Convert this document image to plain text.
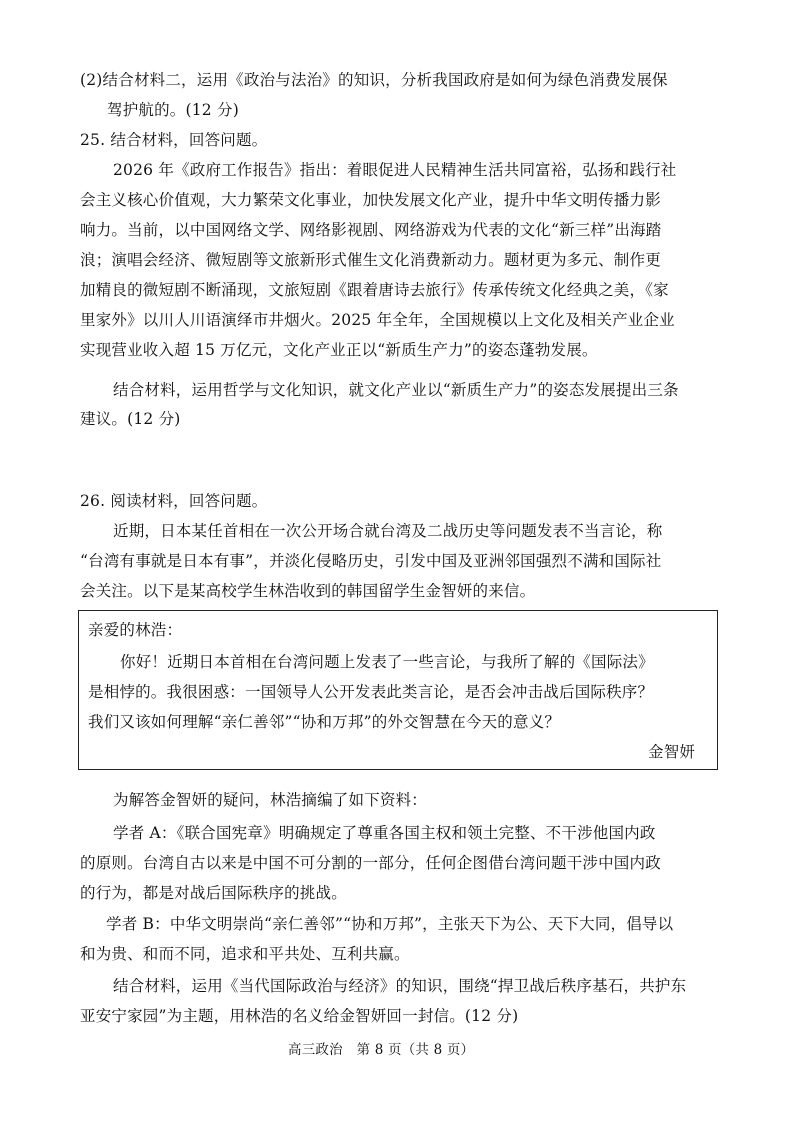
(2)结合材料二，运用《政治与法治》的知识，分析我国政府是如何为绿色消费发展保
驾护航的。(12 分)
25. 结合材料，回答问题。
2026 年《政府工作报告》指出：着眼促进人民精神生活共同富裕，弘扬和践行社
会主义核心价值观，大力繁荣文化事业，加快发展文化产业，提升中华文明传播力影
响力。当前，以中国网络文学、网络影视剧、网络游戏为代表的文化“新三样”出海踏
浪；演唱会经济、微短剧等文旅新形式催生文化消费新动力。题材更为多元、制作更
加精良的微短剧不断涌现，文旅短剧《跟着唐诗去旅行》传承传统文化经典之美，《家
里家外》以川人川语演绎市井烟火。2025 年全年，全国规模以上文化及相关产业企业
实现营业收入超 15 万亿元，文化产业正以“新质生产力”的姿态蓬勃发展。
结合材料，运用哲学与文化知识，就文化产业以“新质生产力”的姿态发展提出三条
建议。(12 分)
26. 阅读材料，回答问题。
近期，日本某任首相在一次公开场合就台湾及二战历史等问题发表不当言论，称
“台湾有事就是日本有事”，并淡化侵略历史，引发中国及亚洲邻国强烈不满和国际社
会关注。以下是某高校学生林浩收到的韩国留学生金智妍的来信。
亲爱的林浩：
你好！近期日本首相在台湾问题上发表了一些言论，与我所了解的《国际法》
是相悖的。我很困惑：一国领导人公开发表此类言论，是否会冲击战后国际秩序？
我们又该如何理解“亲仁善邻”“协和万邦”的外交智慧在今天的意义？
金智妍
为解答金智妍的疑问，林浩摘编了如下资料：
学者 A：《联合国宪章》明确规定了尊重各国主权和领土完整、不干涉他国内政
的原则。台湾自古以来是中国不可分割的一部分，任何企图借台湾问题干涉中国内政
的行为，都是对战后国际秩序的挑战。
学者 B：中华文明崇尚“亲仁善邻”“协和万邦”，主张天下为公、天下大同，倡导以
和为贵、和而不同，追求和平共处、互利共赢。
结合材料，运用《当代国际政治与经济》的知识，围绕“捍卫战后秩序基石，共护东
亚安宁家园”为主题，用林浩的名义给金智妍回一封信。(12 分)
高三政治　第 8 页（共 8 页）
